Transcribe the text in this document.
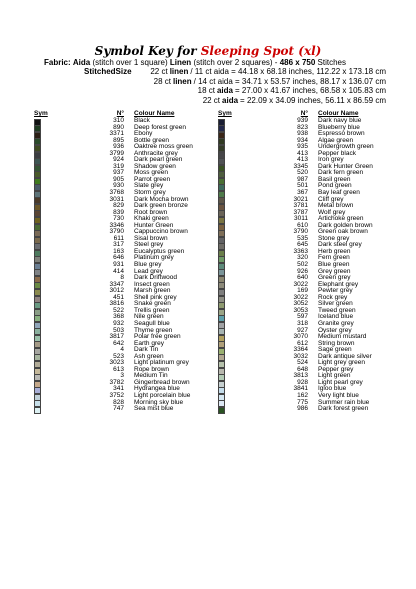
Symbol Key for Sleeping Spot (xl)
Fabric: Aida (stitch over 1 square) Linen (stitch over 2 squares) - 486 x 750 Stitches
StitchedSize 22 ct linen / 11 ct aida = 44.18 x 68.18 inches, 112.22 x 173.18 cm
28 ct linen / 14 ct aida = 34.71 x 53.57 inches, 88.17 x 136.07 cm
18 ct aida = 27.00 x 41.67 inches, 68.58 x 105.83 cm
22 ct aida = 22.09 x 34.09 inches, 56.11 x 86.59 cm
Sym	N°	Colour Name
310	Black
890	Deep forest green
3371	Ebony
895	Bottle green
936	Oaktree moss green
3799	Anthracite grey
924	Dark pearl green
319	Shadow green
937	Moss green
905	Parrot green
930	Slate grey
3768	Storm grey
3031	Dark Mocha brown
829	Dark green bronze
839	Root brown
730	Khaki green
3346	Hunter Green
3790	Cappuccino brown
611	Sisal brown
317	Steel grey
163	Eucalyptus green
646	Platinum grey
931	Blue grey
414	Lead grey
8	Dark Driftwood
3347	Insect green
3012	Marsh green
451	Shell pink grey
3816	Snake green
522	Trellis green
368	Nile green
932	Seagull blue
503	Thyme green
3817	Polar free green
642	Earth grey
4	Dark Tin
523	Ash green
3023	Light platinum grey
613	Rope brown
3	Medium Tin
3782	Gingerbread brown
341	Hydrangea blue
3752	Light porcelain blue
828	Morning sky blue
747	Sea mist blue
Sym	N°	Colour Name
939	Dark navy blue
823	Blueberry blue
938	Espresso brown
934	Algae green
935	Undergrowth green
413	Pepper black
413	Iron grey
3345	Dark Hunter Green
520	Dark fern green
987	Basil green
501	Pond green
367	Bay leaf green
3021	Cliff grey
3781	Metal brown
3787	Wolf grey
3011	Artichoke green
610	Dark golden brown
3790	Green oak brown
535	Stone grey
645	Dark steel grey
3363	Herb green
320	Fern green
502	Blue green
926	Grey green
640	Green grey
3022	Elephant grey
169	Pewter grey
3022	Rock grey
3052	Silver green
3053	Tweed green
597	Iceland blue
318	Granite grey
927	Oyster grey
3070	Medium mustard
612	String brown
3364	Sage green
3032	Dark antique silver
524	Light grey green
648	Pepper grey
3813	Light green
928	Light pearl grey
3841	Igloo blue
162	Very light blue
775	Summer rain blue
986	Dark forest green
